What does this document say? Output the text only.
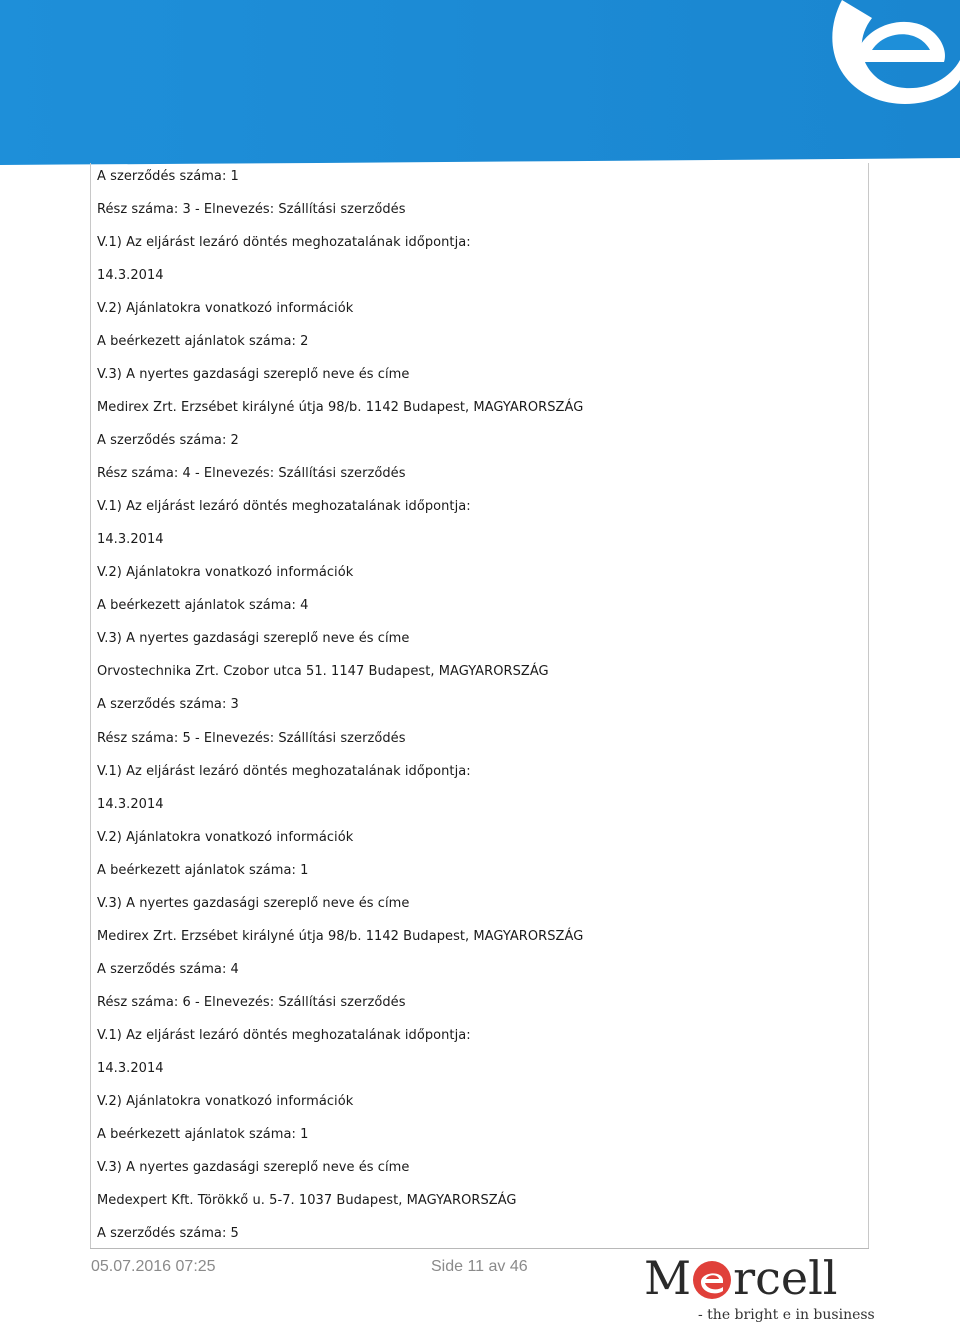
A szerződés száma: 1
Rész száma: 3 - Elnevezés: Szállítási szerződés
V.1) Az eljárást lezáró döntés meghozatalának időpontja:
14.3.2014
V.2) Ajánlatokra vonatkozó információk
A beérkezett ajánlatok száma: 2
V.3) A nyertes gazdasági szereplő neve és címe
Medirex Zrt. Erzsébet királyné útja 98/b. 1142 Budapest, MAGYARORSZÁG
A szerződés száma: 2
Rész száma: 4 - Elnevezés: Szállítási szerződés
V.1) Az eljárást lezáró döntés meghozatalának időpontja:
14.3.2014
V.2) Ajánlatokra vonatkozó információk
A beérkezett ajánlatok száma: 4
V.3) A nyertes gazdasági szereplő neve és címe
Orvostechnika Zrt. Czobor utca 51. 1147 Budapest, MAGYARORSZÁG
A szerződés száma: 3
Rész száma: 5 - Elnevezés: Szállítási szerződés
V.1) Az eljárást lezáró döntés meghozatalának időpontja:
14.3.2014
V.2) Ajánlatokra vonatkozó információk
A beérkezett ajánlatok száma: 1
V.3) A nyertes gazdasági szereplő neve és címe
Medirex Zrt. Erzsébet királyné útja 98/b. 1142 Budapest, MAGYARORSZÁG
A szerződés száma: 4
Rész száma: 6 - Elnevezés: Szállítási szerződés
V.1) Az eljárást lezáró döntés meghozatalának időpontja:
14.3.2014
V.2) Ajánlatokra vonatkozó információk
A beérkezett ajánlatok száma: 1
V.3) A nyertes gazdasági szereplő neve és címe
Medexpert Kft. Törökkő u. 5-7. 1037 Budapest, MAGYARORSZÁG
A szerződés száma: 5
05.07.2016 07:25	Side 11 av 46	M rcell
- the bright e in business
